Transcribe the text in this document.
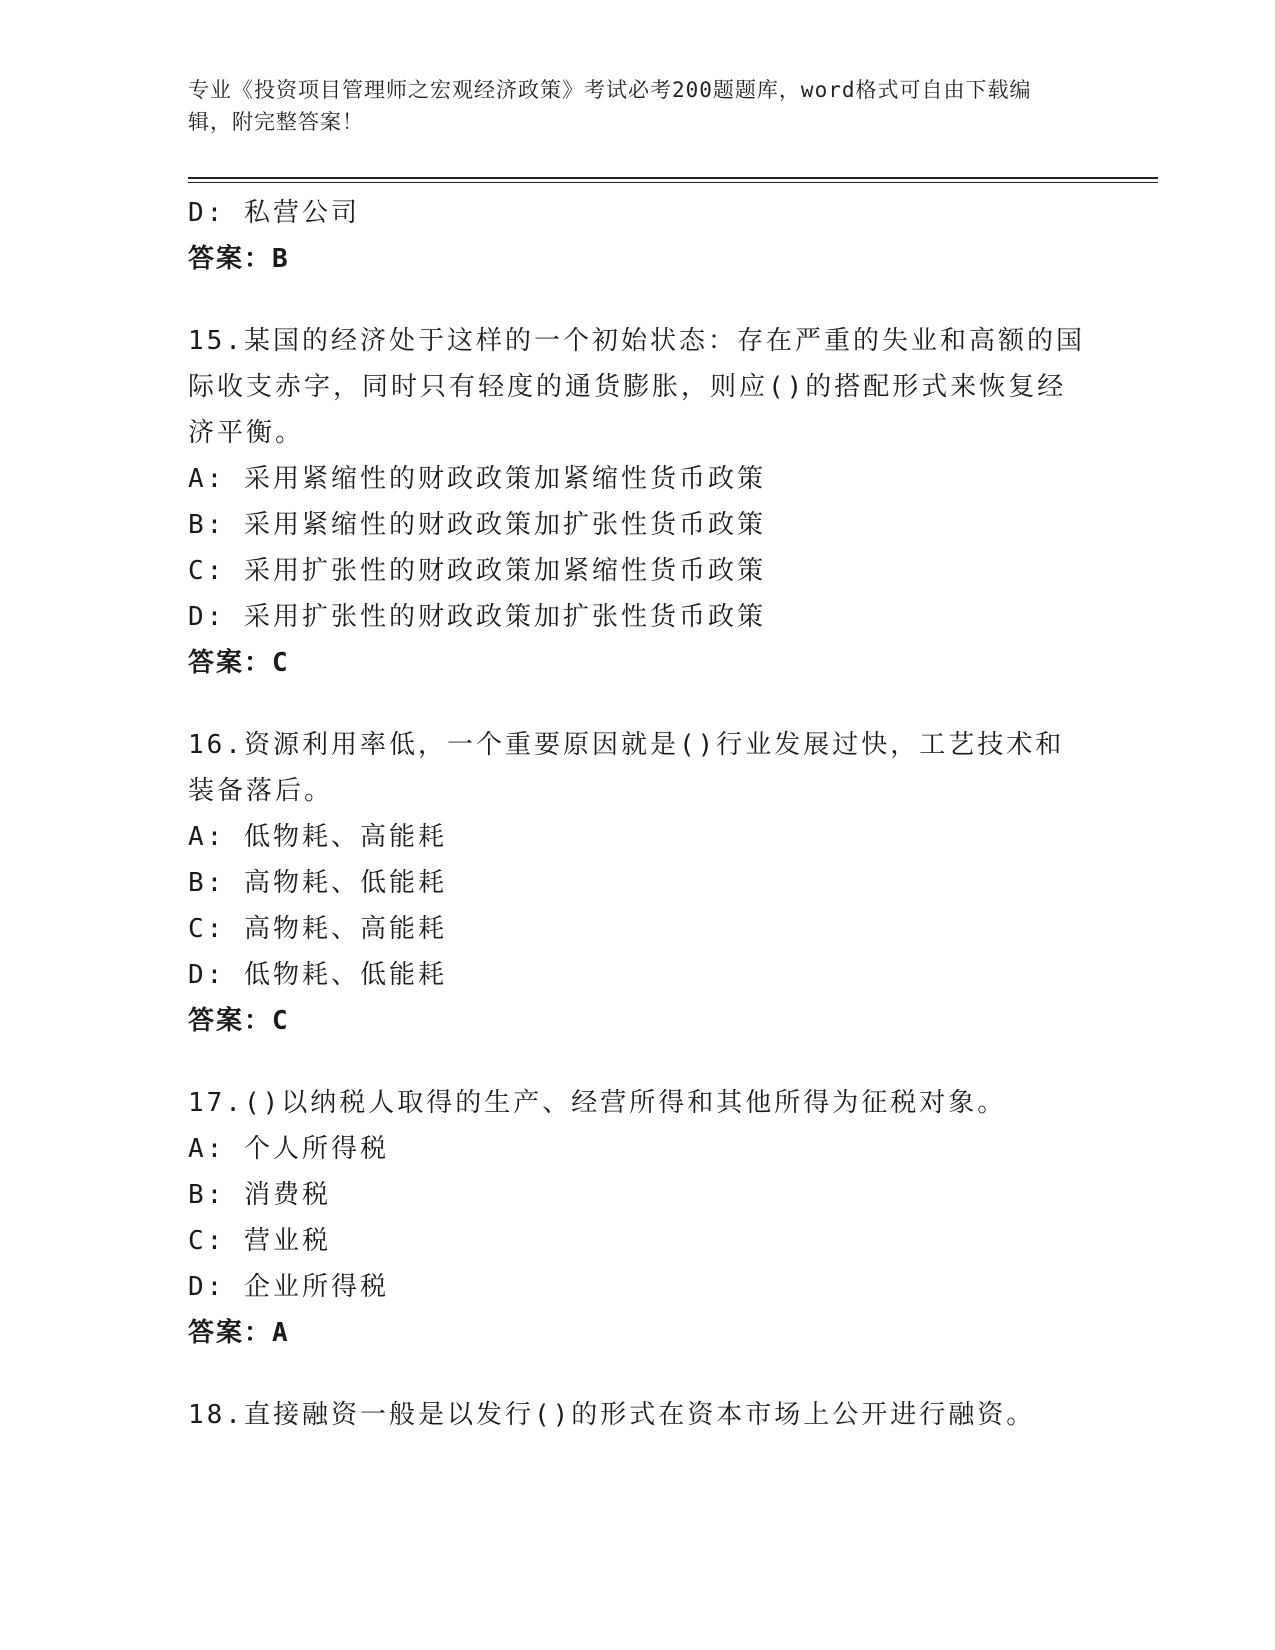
专业《投资项目管理师之宏观经济政策》考试必考200题题库，word格式可自由下载编辑，附完整答案！
D: 私营公司
答案：B
15.某国的经济处于这样的一个初始状态：存在严重的失业和高额的国际收支赤字，同时只有轻度的通货膨胀，则应()的搭配形式来恢复经济平衡。
A: 采用紧缩性的财政政策加紧缩性货币政策
B: 采用紧缩性的财政政策加扩张性货币政策
C: 采用扩张性的财政政策加紧缩性货币政策
D: 采用扩张性的财政政策加扩张性货币政策
答案：C
16.资源利用率低，一个重要原因就是()行业发展过快，工艺技术和装备落后。
A: 低物耗、高能耗
B: 高物耗、低能耗
C: 高物耗、高能耗
D: 低物耗、低能耗
答案：C
17.()以纳税人取得的生产、经营所得和其他所得为征税对象。
A: 个人所得税
B: 消费税
C: 营业税
D: 企业所得税
答案：A
18.直接融资一般是以发行()的形式在资本市场上公开进行融资。
